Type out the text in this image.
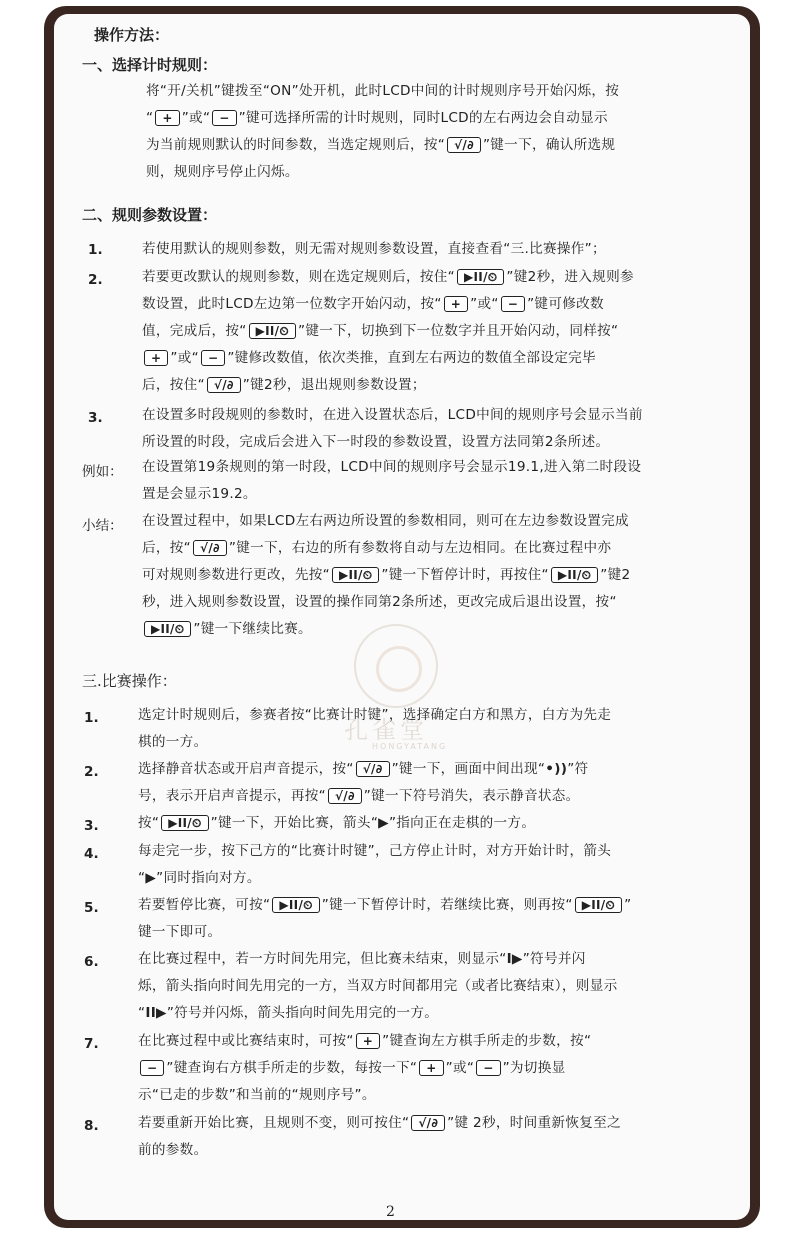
操作方法：
一、选择计时规则：
将“开/关机”键拨至“ON”处开机，此时LCD中间的计时规则序号开始闪烁，按
“ + ”或“ − ”键可选择所需的计时规则，同时LCD的左右两边会自动显示
为当前规则默认的时间参数，当选定规则后，按“ √/∂ ”键一下，确认所选规
则，规则序号停止闪烁。
二、规则参数设置：
1.	若使用默认的规则参数，则无需对规则参数设置，直接查看“三.比赛操作”；
2.	若要更改默认的规则参数，则在选定规则后，按住“ ▶II/⏲ ”键2秒，进入规则参
数设置，此时LCD左边第一位数字开始闪动，按“ + ”或“ − ”键可修改数
值，完成后，按“ ▶II/⏲ ”键一下，切换到下一位数字并且开始闪动，同样按“
+ ”或“ − ”键修改数值，依次类推，直到左右两边的数值全部设定完毕
后，按住“ √/∂ ”键2秒，退出规则参数设置；
3.	在设置多时段规则的参数时，在进入设置状态后，LCD中间的规则序号会显示当前
所设置的时段，完成后会进入下一时段的参数设置，设置方法同第2条所述。
例如： 在设置第19条规则的第一时段，LCD中间的规则序号会显示19.1,进入第二时段设
置是会显示19.2。
小结： 在设置过程中，如果LCD左右两边所设置的参数相同，则可在左边参数设置完成
后，按“ √/∂ ”键一下，右边的所有参数将自动与左边相同。在比赛过程中亦
可对规则参数进行更改，先按“ ▶II/⏲ ”键一下暂停计时，再按住“ ▶II/⏲ ”键2
秒，进入规则参数设置，设置的操作同第2条所述，更改完成后退出设置，按“
▶II/⏲ ”键一下继续比赛。
孔雀堂
HONGYATANG
三.比赛操作：
1.	选定计时规则后，参赛者按“比赛计时键”，选择确定白方和黑方，白方为先走
棋的一方。
2.	选择静音状态或开启声音提示，按“ √/∂ ”键一下，画面中间出现“•))”符
号，表示开启声音提示，再按“ √/∂ ”键一下符号消失，表示静音状态。
3.	按“ ▶II/⏲ ”键一下，开始比赛，箭头“▶”指向正在走棋的一方。
4.	每走完一步，按下己方的“比赛计时键”，己方停止计时，对方开始计时，箭头
“▶”同时指向对方。
5.	若要暂停比赛，可按“ ▶II/⏲ ”键一下暂停计时，若继续比赛，则再按“ ▶II/⏲ ”
键一下即可。
6.	在比赛过程中，若一方时间先用完，但比赛未结束，则显示“I▶”符号并闪
烁，箭头指向时间先用完的一方，当双方时间都用完（或者比赛结束），则显示
“II▶”符号并闪烁，箭头指向时间先用完的一方。
7.	在比赛过程中或比赛结束时，可按“ + ”键查询左方棋手所走的步数，按“
− ”键查询右方棋手所走的步数，每按一下“ + ”或“ − ”为切换显
示“已走的步数”和当前的“规则序号”。
8.	若要重新开始比赛，且规则不变，则可按住“ √/∂ ”键 2秒，时间重新恢复至之
前的参数。
2
